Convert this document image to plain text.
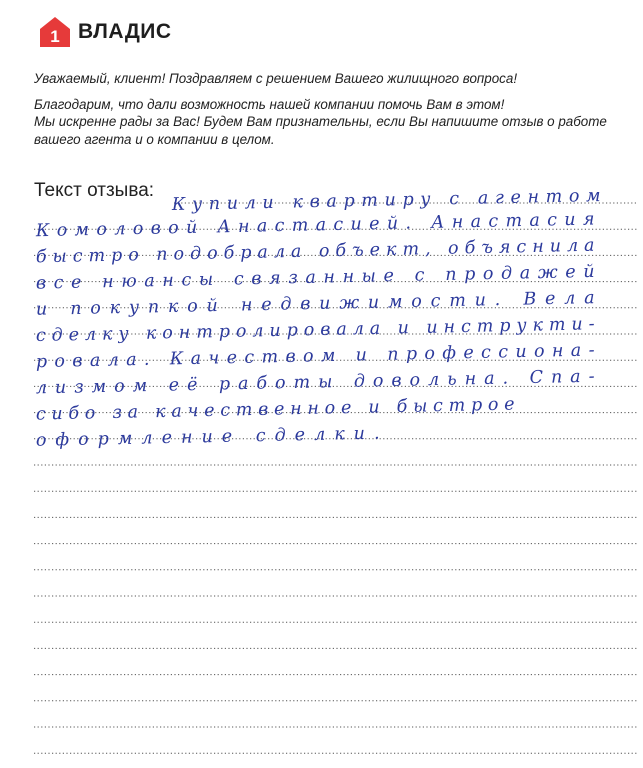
1 ВЛАДИС

Уважаемый, клиент! Поздравляем с решением Вашего жилищного вопроса!

Благодарим, что дали возможность нашей компании помочь Вам в этом!
Мы искренне рады за Вас! Будем Вам признательны, если Вы напишите отзыв о работе
вашего агента и о компании в целом.

Текст отзыва:
Купили квартиру с агентом
Комоловой Анастасией. Анастасия
быстро подобрала объект, объяснила
все нюансы связанные с продажей
и покупкой недвижимости. Вела
сделку контролировала и инструкти-
ровала. Качеством и профессиона-
лизмом её работы довольна. Спа-
сибо за качественное и быстрое
оформление сделки.
